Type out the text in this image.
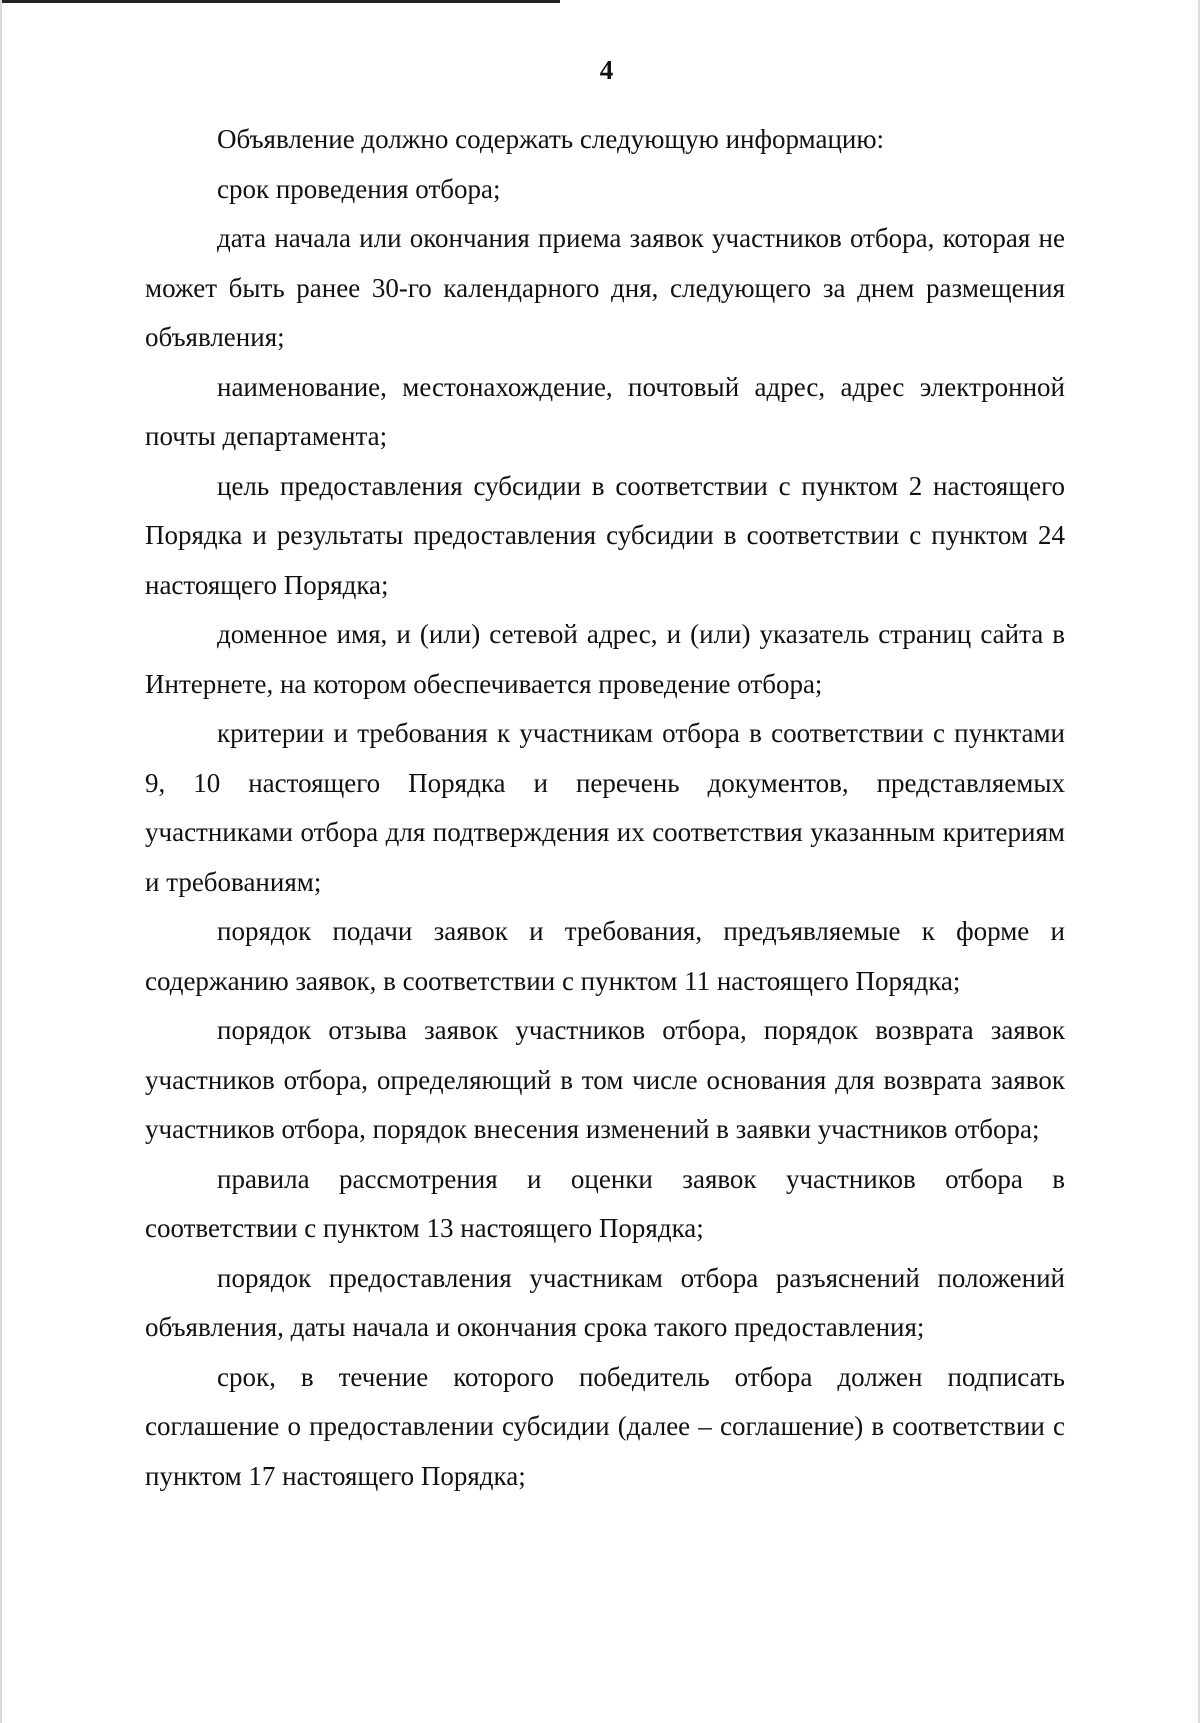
4

Объявление должно содержать следующую информацию:

срок проведения отбора;

дата начала или окончания приема заявок участников отбора, которая не может быть ранее 30-го календарного дня, следующего за днем размещения объявления;

наименование, местонахождение, почтовый адрес, адрес электронной почты департамента;

цель предоставления субсидии в соответствии с пунктом 2 настоящего Порядка и результаты предоставления субсидии в соответствии с пунктом 24 настоящего Порядка;

доменное имя, и (или) сетевой адрес, и (или) указатель страниц сайта в Интернете, на котором обеспечивается проведение отбора;

критерии и требования к участникам отбора в соответствии с пунктами 9, 10 настоящего Порядка и перечень документов, представляемых участниками отбора для подтверждения их соответствия указанным критериям и требованиям;

порядок подачи заявок и требования, предъявляемые к форме и содержанию заявок, в соответствии с пунктом 11 настоящего Порядка;

порядок отзыва заявок участников отбора, порядок возврата заявок участников отбора, определяющий в том числе основания для возврата заявок участников отбора, порядок внесения изменений в заявки участников отбора;

правила рассмотрения и оценки заявок участников отбора в соответствии с пунктом 13 настоящего Порядка;

порядок предоставления участникам отбора разъяснений положений объявления, даты начала и окончания срока такого предоставления;

срок, в течение которого победитель отбора должен подписать соглашение о предоставлении субсидии (далее – соглашение) в соответствии с пунктом 17 настоящего Порядка;
